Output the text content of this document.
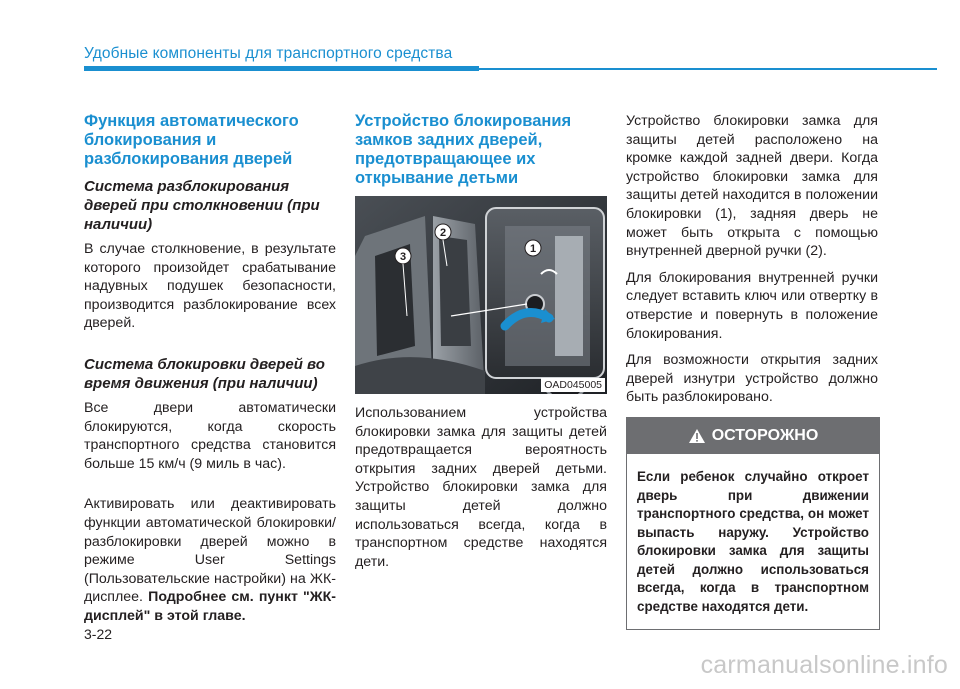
Удобные компоненты для транспортного средства
Функция автоматического блокирования и разблокирования дверей
Система разблокирования дверей при столкновении (при наличии)

В случае столкновение, в результате которого произойдет срабатывание надувных подушек безопасности, производится разблокирование всех дверей.

Система блокировки дверей во время движения (при наличии)

Все двери автоматически блокируются, когда скорость транспортного средства становится больше 15 км/ч (9 миль в час).

Активировать или деактивировать функции автоматической блокировки/разблокировки дверей можно в режиме User Settings (Пользовательские настройки) на ЖК-дисплее. Подробнее см. пункт "ЖК-дисплей" в этой главе.

Устройство блокирования замков задних дверей, предотвращающее их открывание детьми
1
2
3
OAD045005

Использованием устройства блокировки замка для защиты детей предотвращается вероятность открытия задних дверей детьми. Устройство блокировки замка для защиты детей должно использоваться всегда, когда в транспортном средстве находятся дети.

Устройство блокировки замка для защиты детей расположено на кромке каждой задней двери. Когда устройство блокировки замка для защиты детей находится в положении блокировки (1), задняя дверь не может быть открыта с помощью внутренней дверной ручки (2).

Для блокирования внутренней ручки следует вставить ключ или отвертку в отверстие и повернуть в положение блокирования.

Для возможности открытия задних дверей изнутри устройство должно быть разблокировано.

ОСТОРОЖНО
Если ребенок случайно откроет дверь при движении транспортного средства, он может выпасть наружу. Устройство блокировки замка для защиты детей должно использоваться всегда, когда в транспортном средстве находятся дети.
3-22
carmanualsonline.info
